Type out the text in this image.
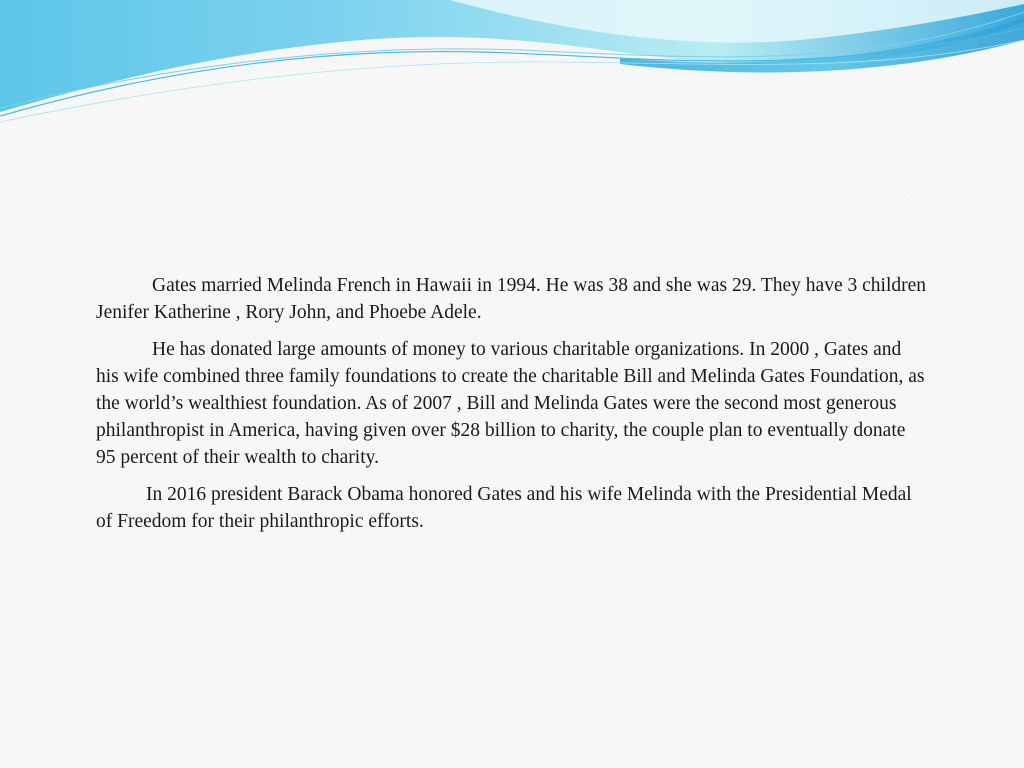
Gates married Melinda French in Hawaii in 1994. He was 38 and she was 29. They have 3 children Jenifer Katherine , Rory John, and Phoebe Adele.

He has donated large amounts of money to various charitable organizations. In 2000 , Gates and his wife combined three family foundations to create the charitable Bill and Melinda Gates Foundation, as the world’s wealthiest foundation. As of 2007 , Bill and Melinda Gates were the second most generous philanthropist in America, having given over $28 billion to charity, the couple plan to eventually donate 95 percent of their wealth to charity.

In 2016 president Barack Obama honored Gates and his wife Melinda with the Presidential Medal of Freedom for their philanthropic efforts.
